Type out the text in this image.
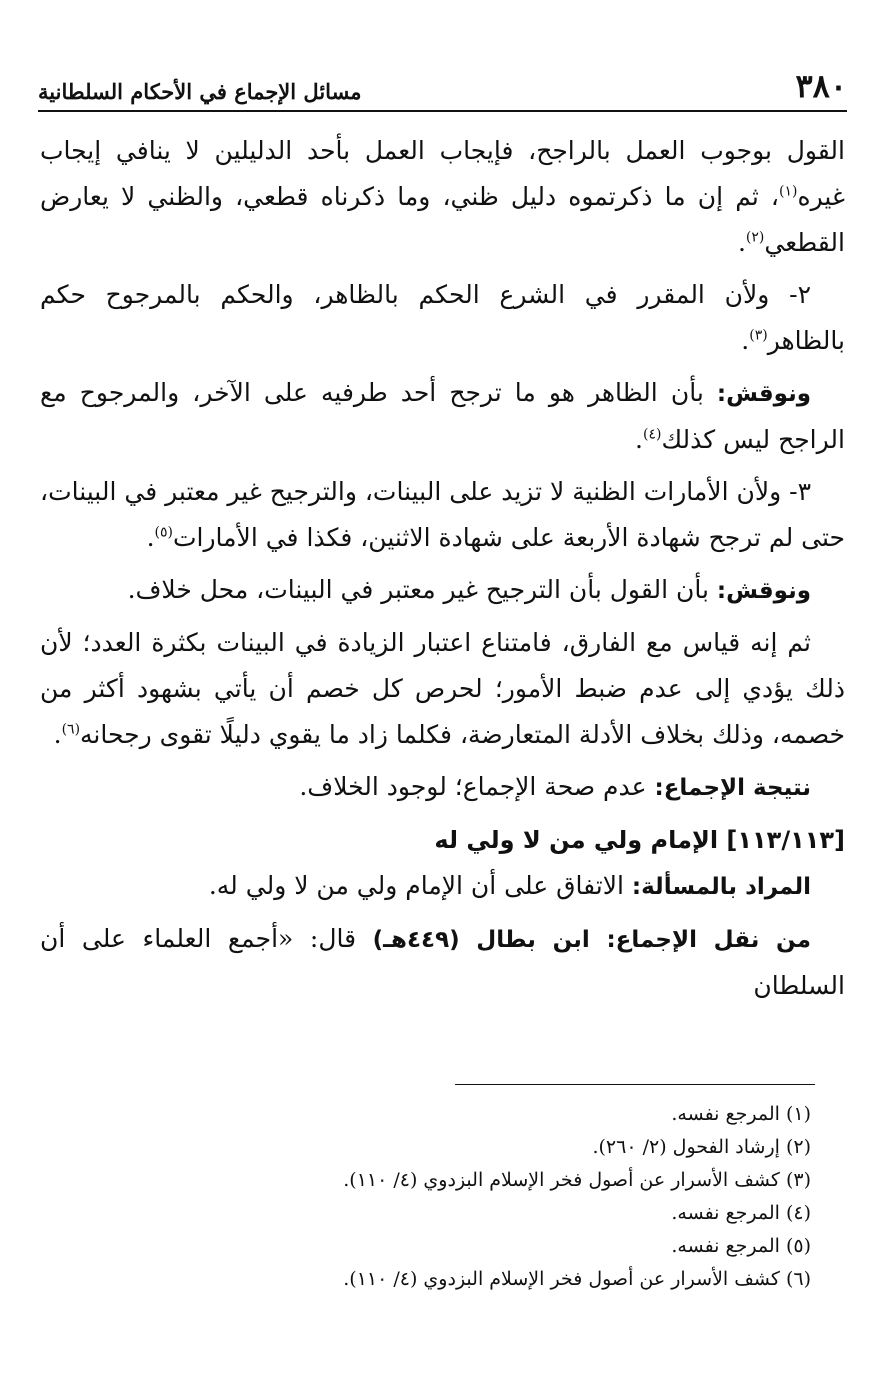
٣٨٠
مسائل الإجماع في الأحكام السلطانية

القول بوجوب العمل بالراجح، فإيجاب العمل بأحد الدليلين لا ينافي إيجاب غيره$^{(١)}$، ثم إن ما ذكرتموه دليل ظني، وما ذكرناه قطعي، والظني لا يعارض القطعي$^{(٢)}$.

٢- ولأن المقرر في الشرع الحكم بالظاهر، والحكم بالمرجوح حكم بالظاهر$^{(٣)}$.

ونوقش: بأن الظاهر هو ما ترجح أحد طرفيه على الآخر، والمرجوح مع الراجح ليس كذلك$^{(٤)}$.

٣- ولأن الأمارات الظنية لا تزيد على البينات، والترجيح غير معتبر في البينات، حتى لم ترجح شهادة الأربعة على شهادة الاثنين، فكذا في الأمارات$^{(٥)}$.

ونوقش: بأن القول بأن الترجيح غير معتبر في البينات، محل خلاف.

ثم إنه قياس مع الفارق، فامتناع اعتبار الزيادة في البينات بكثرة العدد؛ لأن ذلك يؤدي إلى عدم ضبط الأمور؛ لحرص كل خصم أن يأتي بشهود أكثر من خصمه، وذلك بخلاف الأدلة المتعارضة، فكلما زاد ما يقوي دليلًا تقوى رجحانه$^{(٦)}$.

نتيجة الإجماع: عدم صحة الإجماع؛ لوجود الخلاف.

[١١٣/١١٣] الإمام ولي من لا ولي له

المراد بالمسألة: الاتفاق على أن الإمام ولي من لا ولي له.

من نقل الإجماع: ابن بطال (٤٤٩هـ) قال: «أجمع العلماء على أن السلطان

(١) المرجع نفسه.
(٢) إرشاد الفحول (٢/ ٢٦٠).
(٣) كشف الأسرار عن أصول فخر الإسلام البزدوي (٤/ ١١٠).
(٤) المرجع نفسه.
(٥) المرجع نفسه.
(٦) كشف الأسرار عن أصول فخر الإسلام البزدوي (٤/ ١١٠).
